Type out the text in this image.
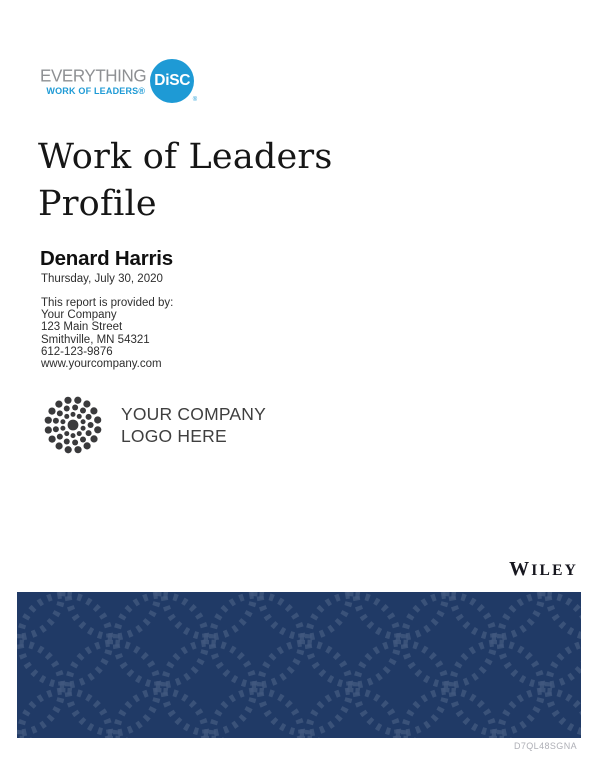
EVERYTHING
WORK OF LEADERS®
DiSC
®
Work of Leaders
Profile
Denard Harris
Thursday, July 30, 2020
This report is provided by:
Your Company
123 Main Street
Smithville, MN 54321
612-123-9876
www.yourcompany.com
YOUR COMPANY
LOGO HERE
WILEY
D7QL48SGNA
